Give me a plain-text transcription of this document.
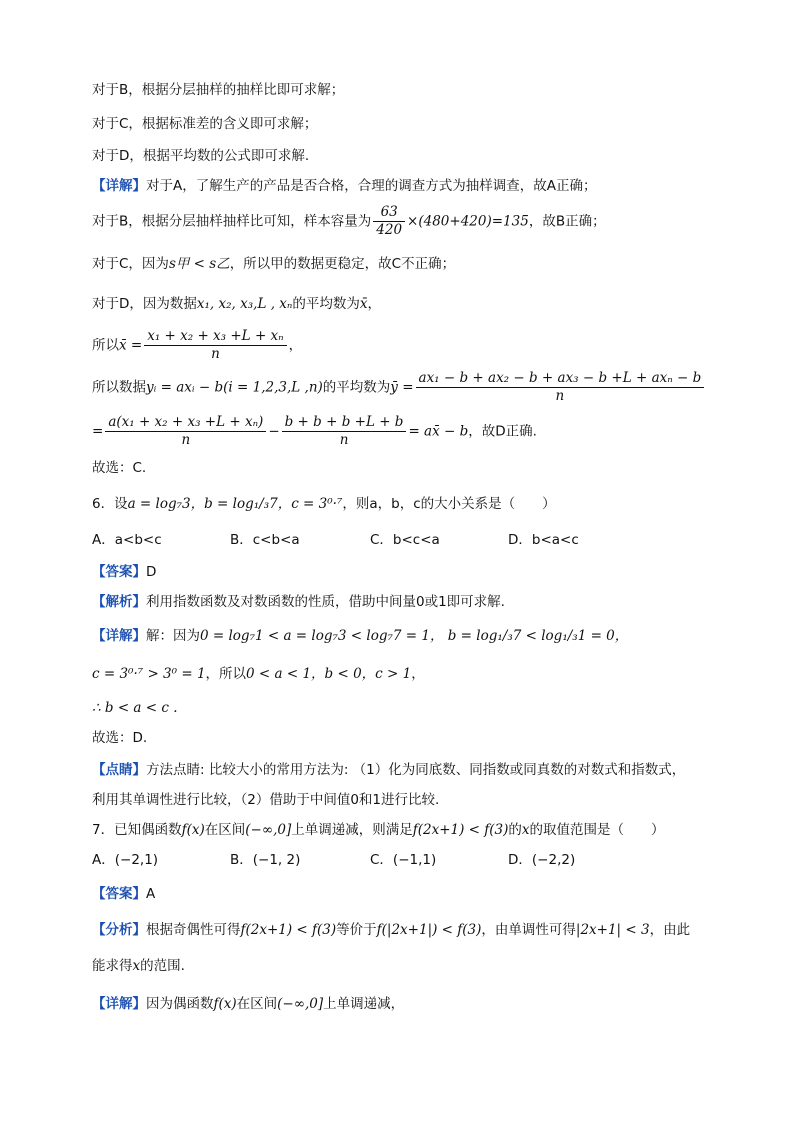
对于B，根据分层抽样的抽样比即可求解；
对于C，根据标准差的含义即可求解；
对于D，根据平均数的公式即可求解.
【详解】对于A，了解生产的产品是否合格，合理的调查方式为抽样调查，故A正确；
对于B，根据分层抽样抽样比可知，样本容量为 $\frac{63}{420} \times(480+420)=135$，故B正确；
对于C，因为s甲 < s乙，所以甲的数据更稳定，故C不正确；
对于D，因为数据x₁, x₂, x₃,L , xₙ的平均数为x̄，
所以x̄ = $\frac{\text{x₁ + x₂ + x₃ +L + xₙ}}{n}$ ，
所以数据yᵢ = axᵢ − b(i = 1,2,3,L ,n)的平均数为ȳ = $\frac{\text{ax₁ − b + ax₂ − b + ax₃ − b +L + axₙ − b}}{n}$
= $\frac{\text{a(x₁ + x₂ + x₃ +L + xₙ)}}{n} - \frac{b + b + b +L + b}{n}$ = ax̄ − b，故D正确.
故选：C.
6．设a = log₇3，b = log₁/₃7，c = 3⁰·⁷，则a，b，c的大小关系是（　　）
A．a<b<c	B．c<b<a	C．b<c<a	D．b<a<c
【答案】D
【解析】利用指数函数及对数函数的性质，借助中间量0或1即可求解.
【详解】解：因为0 = log₇1 < a = log₇3 < log₇7 = 1， b = log₁/₃7 < log₁/₃1 = 0，
c = 3⁰·⁷ > 3⁰ = 1，所以0 < a < 1，b < 0，c > 1，
∴ b < a < c .
故选：D.
【点睛】方法点睛: 比较大小的常用方法为: （1）化为同底数、同指数或同真数的对数式和指数式，
利用其单调性进行比较，（2）借助于中间值0和1进行比较.
7．已知偶函数f(x)在区间(−∞,0]上单调递减，则满足f(2x+1) < f(3)的x的取值范围是（　　）
A．(−2,1)	B．(−1, 2)	C．(−1,1)	D．(−2,2)
【答案】A
【分析】根据奇偶性可得f(2x+1) < f(3)等价于f(|2x+1|) < f(3)，由单调性可得|2x+1| < 3，由此
能求得x的范围.
【详解】因为偶函数f(x)在区间(−∞,0]上单调递减，
